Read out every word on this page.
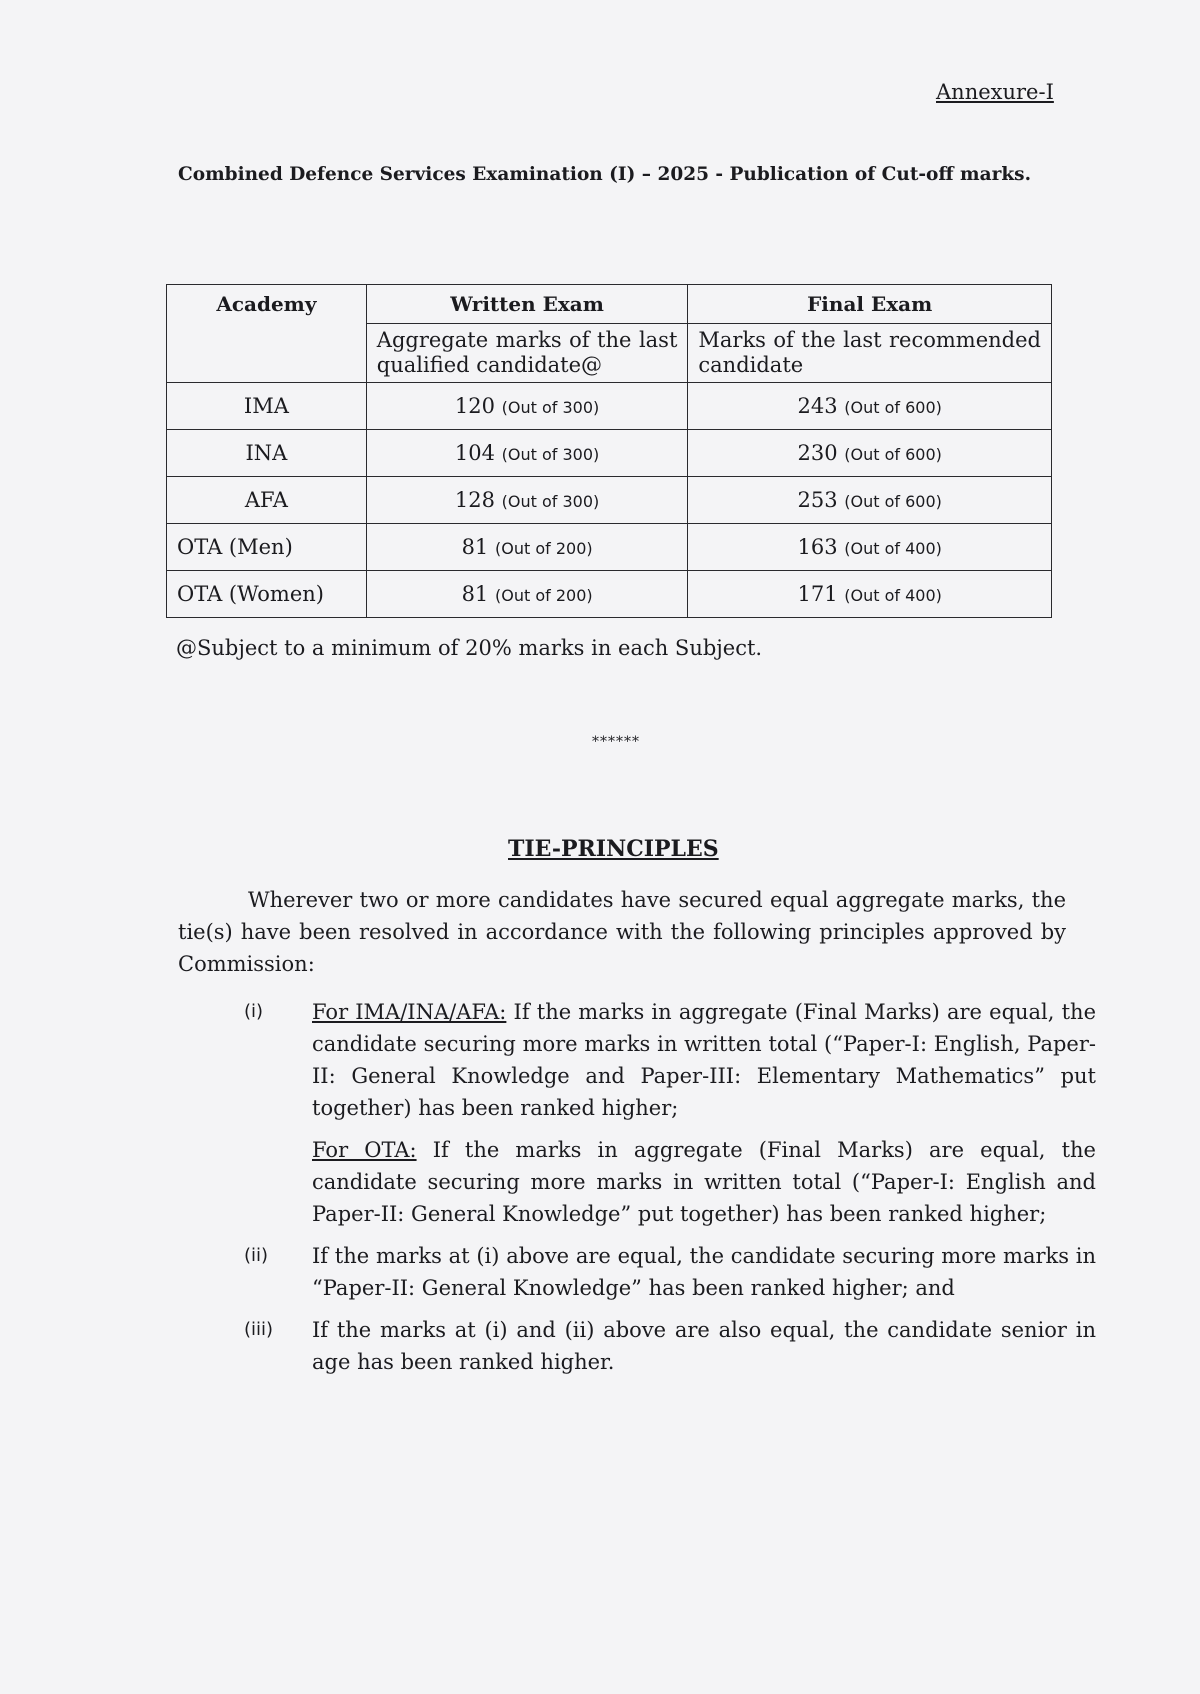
Annexure-I
Combined Defence Services Examination (I) – 2025 - Publication of Cut-off marks.
Academy	Written Exam	Final Exam

	Aggregate marks of the last qualified candidate@	Marks of the last recommended candidate

IMA	120 (Out of 300)	243 (Out of 600)
INA	104 (Out of 300)	230 (Out of 600)
AFA	128 (Out of 300)	253 (Out of 600)
OTA (Men)	81 (Out of 200)	163 (Out of 400)
OTA (Women)	81 (Out of 200)	171 (Out of 400)
@Subject to a minimum of 20% marks in each Subject.
******
TIE-PRINCIPLES
Wherever two or more candidates have secured equal aggregate marks, the tie(s) have been resolved in accordance with the following principles approved by Commission:
(i)	For IMA/INA/AFA: If the marks in aggregate (Final Marks) are equal, the candidate securing more marks in written total (“Paper-I: English, Paper-II: General Knowledge and Paper-III: Elementary Mathematics” put together) has been ranked higher;
For OTA: If the marks in aggregate (Final Marks) are equal, the candidate securing more marks in written total (“Paper-I: English and Paper-II: General Knowledge” put together) has been ranked higher;
(ii)	If the marks at (i) above are equal, the candidate securing more marks in “Paper-II: General Knowledge” has been ranked higher; and
(iii)	If the marks at (i) and (ii) above are also equal, the candidate senior in age has been ranked higher.
